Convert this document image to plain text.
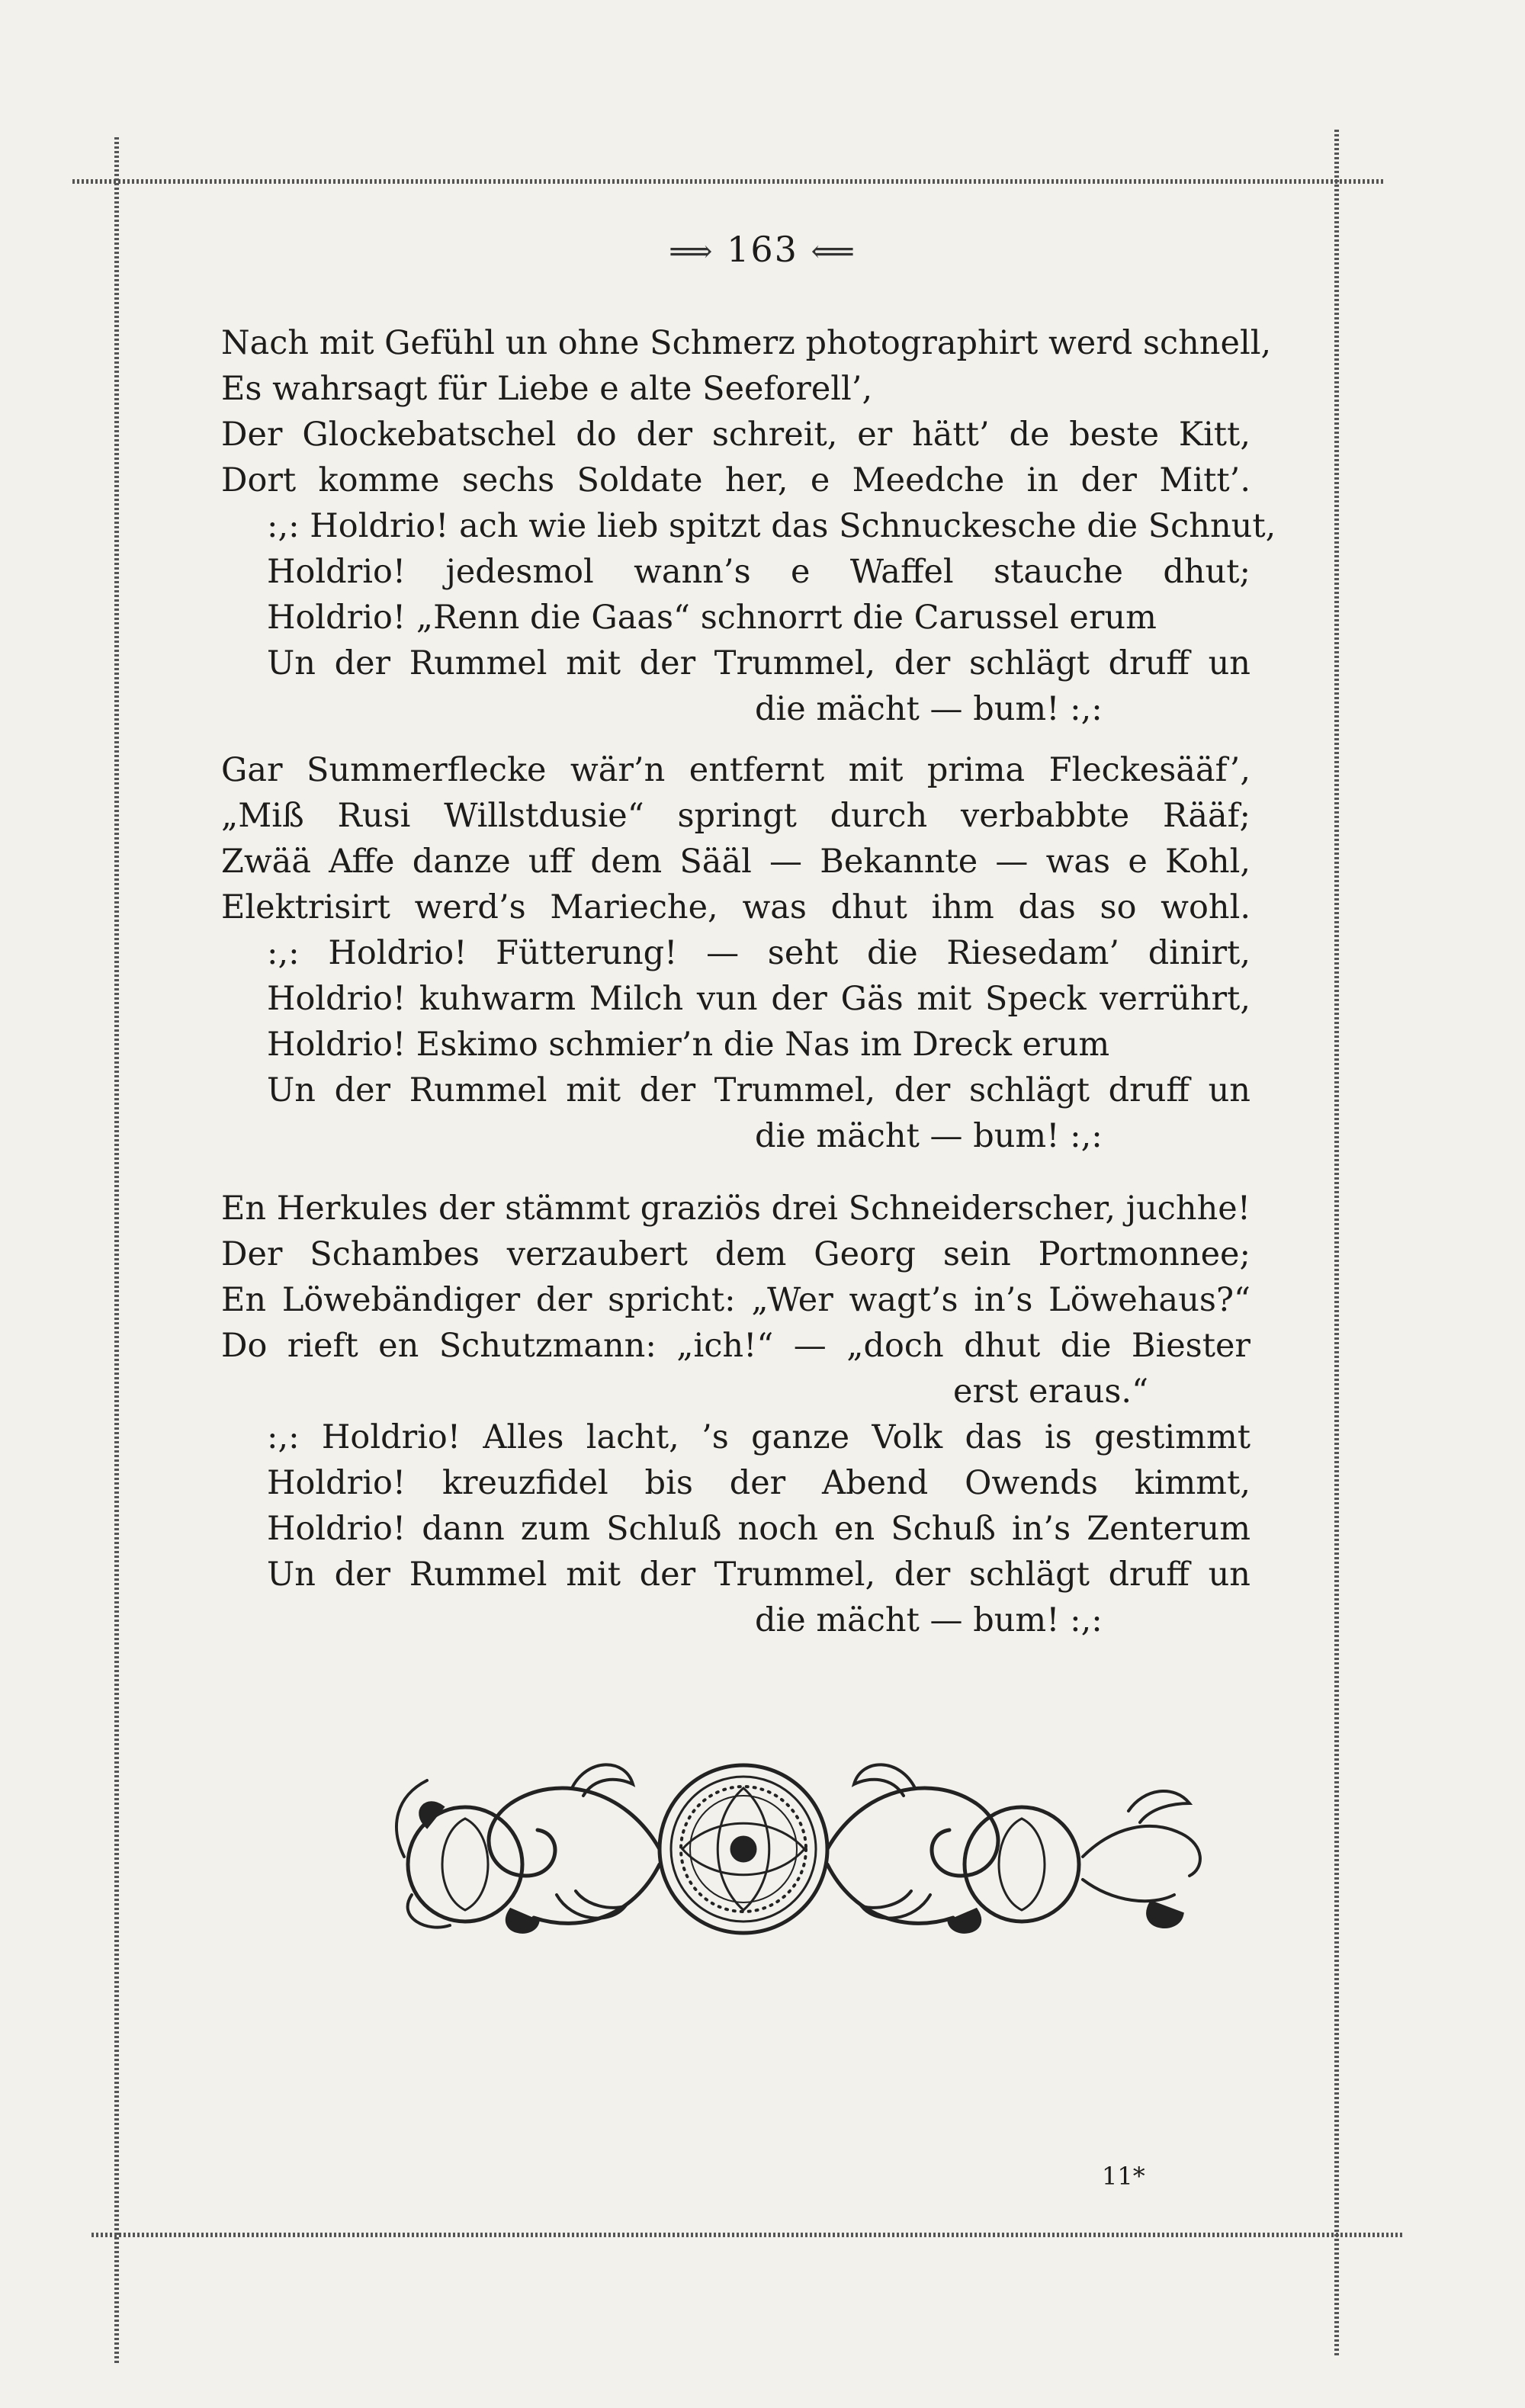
⟹ 163 ⟸
Nach mit Gefühl un ohne Schmerz photographirt werd schnell,
Es wahrsagt für Liebe e alte Seeforell’,
Der Glockebatschel do der schreit, er hätt’ de beste Kitt,
Dort komme sechs Soldate her, e Meedche in der Mitt’.
:,: Holdrio! ach wie lieb spitzt das Schnuckesche die Schnut,
Holdrio! jedesmol wann’s e Waffel stauche dhut;
Holdrio! „Renn die Gaas“ schnorrt die Carussel erum
Un der Rummel mit der Trummel, der schlägt druff un
die mächt — bum! :,:
Gar Summerflecke wär’n entfernt mit prima Fleckesääf’,
„Miß Rusi Willstdusie“ springt durch verbabbte Rääf;
Zwää Affe danze uff dem Sääl — Bekannte — was e Kohl,
Elektrisirt werd’s Marieche, was dhut ihm das so wohl.
:,: Holdrio! Fütterung! — seht die Riesedam’ dinirt,
Holdrio! kuhwarm Milch vun der Gäs mit Speck verrührt,
Holdrio! Eskimo schmier’n die Nas im Dreck erum
Un der Rummel mit der Trummel, der schlägt druff un
die mächt — bum! :,:
En Herkules der stämmt graziös drei Schneiderscher, juchhe!
Der Schambes verzaubert dem Georg sein Portmonnee;
En Löwebändiger der spricht: „Wer wagt’s in’s Löwehaus?“
Do rieft en Schutzmann: „ich!“ — „doch dhut die Biester
erst eraus.“
:,: Holdrio! Alles lacht, ’s ganze Volk das is gestimmt
Holdrio! kreuzfidel bis der Abend Owends kimmt,
Holdrio! dann zum Schluß noch en Schuß in’s Zenterum
Un der Rummel mit der Trummel, der schlägt druff un
die mächt — bum! :,:
11*
